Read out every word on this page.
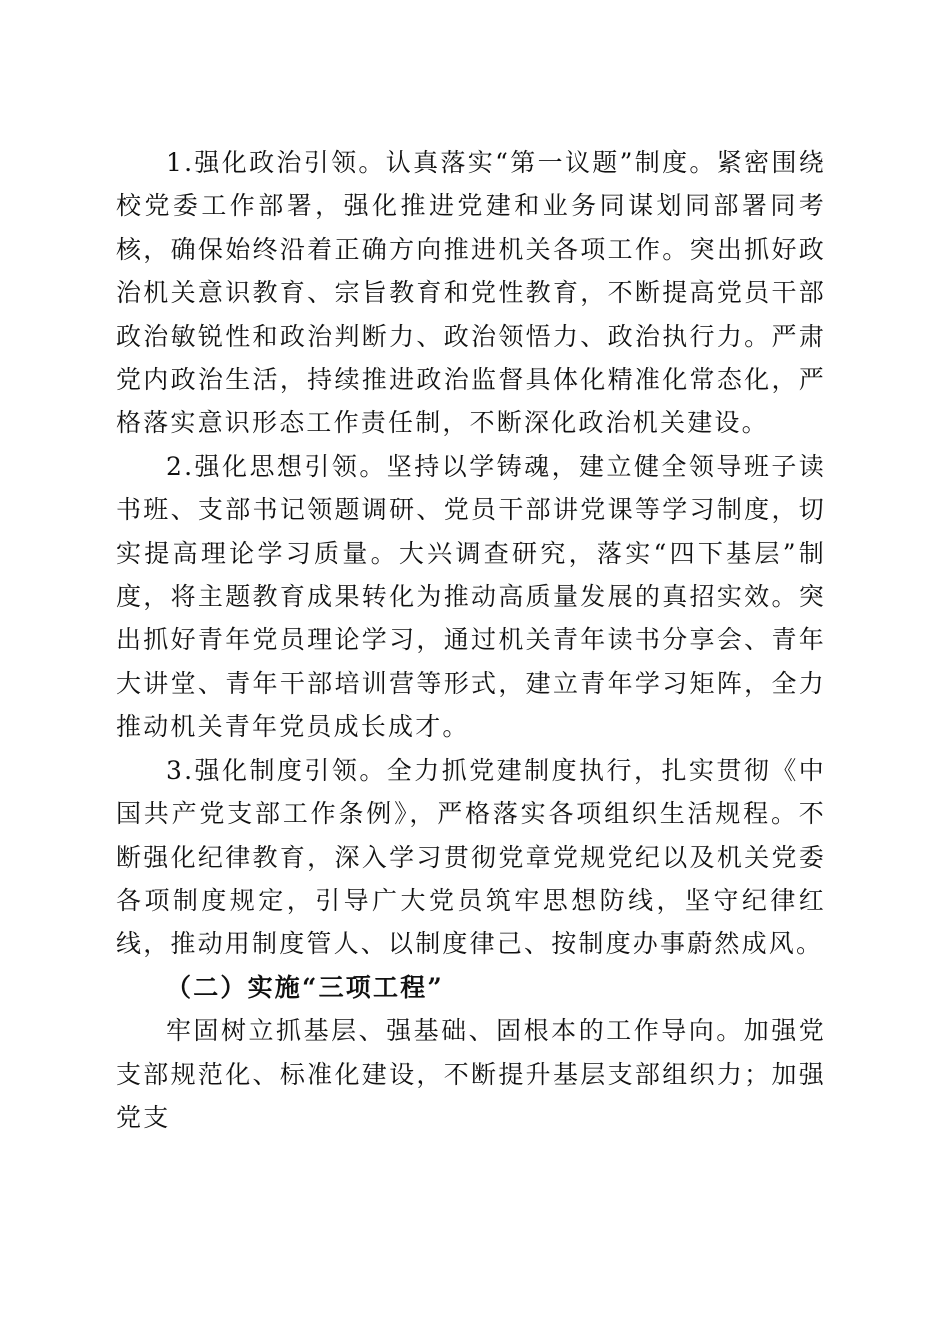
1.强化政治引领。认真落实“第一议题”制度。紧密围绕校党委工作部署，强化推进党建和业务同谋划同部署同考核，确保始终沿着正确方向推进机关各项工作。突出抓好政治机关意识教育、宗旨教育和党性教育，不断提高党员干部政治敏锐性和政治判断力、政治领悟力、政治执行力。严肃党内政治生活，持续推进政治监督具体化精准化常态化，严格落实意识形态工作责任制，不断深化政治机关建设。

2.强化思想引领。坚持以学铸魂，建立健全领导班子读书班、支部书记领题调研、党员干部讲党课等学习制度，切实提高理论学习质量。大兴调查研究，落实“四下基层”制度，将主题教育成果转化为推动高质量发展的真招实效。突出抓好青年党员理论学习，通过机关青年读书分享会、青年大讲堂、青年干部培训营等形式，建立青年学习矩阵，全力推动机关青年党员成长成才。

3.强化制度引领。全力抓党建制度执行，扎实贯彻《中国共产党支部工作条例》，严格落实各项组织生活规程。不断强化纪律教育，深入学习贯彻党章党规党纪以及机关党委各项制度规定，引导广大党员筑牢思想防线，坚守纪律红线，推动用制度管人、以制度律己、按制度办事蔚然成风。

（二）实施“三项工程”

牢固树立抓基层、强基础、固根本的工作导向。加强党支部规范化、标准化建设，不断提升基层支部组织力；加强党支
